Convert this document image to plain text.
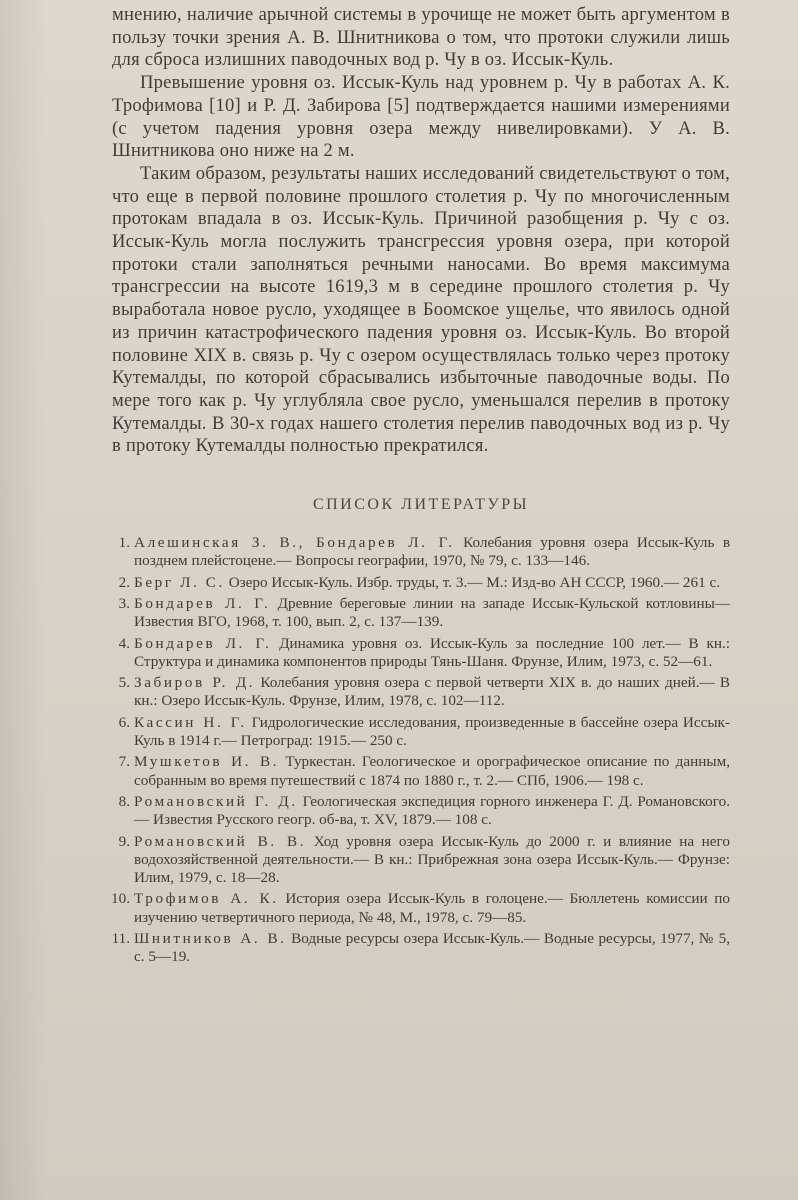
мнению, наличие арычной системы в урочище не может быть аргументом в пользу точки зрения А. В. Шнитникова о том, что протоки служили лишь для сброса излишних паводочных вод р. Чу в оз. Иссык-Куль.

Превышение уровня оз. Иссык-Куль над уровнем р. Чу в работах А. К. Трофимова [10] и Р. Д. Забирова [5] подтверждается нашими измерениями (с учетом падения уровня озера между нивелировками). У А. В. Шнитникова оно ниже на 2 м.

Таким образом, результаты наших исследований свидетельствуют о том, что еще в первой половине прошлого столетия р. Чу по многочисленным протокам впадала в оз. Иссык-Куль. Причиной разобщения р. Чу с оз. Иссык-Куль могла послужить трансгрессия уровня озера, при которой протоки стали заполняться речными наносами. Во время максимума трансгрессии на высоте 1619,3 м в середине прошлого столетия р. Чу выработала новое русло, уходящее в Боомское ущелье, что явилось одной из причин катастрофического падения уровня оз. Иссык-Куль. Во второй половине XIX в. связь р. Чу с озером осуществлялась только через протоку Кутемалды, по которой сбрасывались избыточные паводочные воды. По мере того как р. Чу углубляла свое русло, уменьшался перелив в протоку Кутемалды. В 30-х годах нашего столетия перелив паводочных вод из р. Чу в протоку Кутемалды полностью прекратился.

СПИСОК ЛИТЕРАТУРЫ
1. Алешинская З. В., Бондарев Л. Г. Колебания уровня озера Иссык-Куль в позднем плейстоцене.— Вопросы географии, 1970, № 79, с. 133—146.
2. Берг Л. С. Озеро Иссык-Куль. Избр. труды, т. 3.— М.: Изд-во АН СССР, 1960.— 261 с.
3. Бондарев Л. Г. Древние береговые линии на западе Иссык-Кульской котловины— Известия ВГО, 1968, т. 100, вып. 2, с. 137—139.
4. Бондарев Л. Г. Динамика уровня оз. Иссык-Куль за последние 100 лет.— В кн.: Структура и динамика компонентов природы Тянь-Шаня. Фрунзе, Илим, 1973, с. 52—61.
5. Забиров Р. Д. Колебания уровня озера с первой четверти XIX в. до наших дней.— В кн.: Озеро Иссык-Куль. Фрунзе, Илим, 1978, с. 102—112.
6. Кассин Н. Г. Гидрологические исследования, произведенные в бассейне озера Иссык-Куль в 1914 г.— Петроград: 1915.— 250 с.
7. Мушкетов И. В. Туркестан. Геологическое и орографическое описание по данным, собранным во время путешествий с 1874 по 1880 г., т. 2.— СПб, 1906.— 198 с.
8. Романовский Г. Д. Геологическая экспедиция горного инженера Г. Д. Романовского.— Известия Русского геогр. об-ва, т. XV, 1879.— 108 с.
9. Романовский В. В. Ход уровня озера Иссык-Куль до 2000 г. и влияние на него водохозяйственной деятельности.— В кн.: Прибрежная зона озера Иссык-Куль.— Фрунзе: Илим, 1979, с. 18—28.
10. Трофимов А. К. История озера Иссык-Куль в голоцене.— Бюллетень комиссии по изучению четвертичного периода, № 48, М., 1978, с. 79—85.
11. Шнитников А. В. Водные ресурсы озера Иссык-Куль.— Водные ресурсы, 1977, № 5, с. 5—19.
